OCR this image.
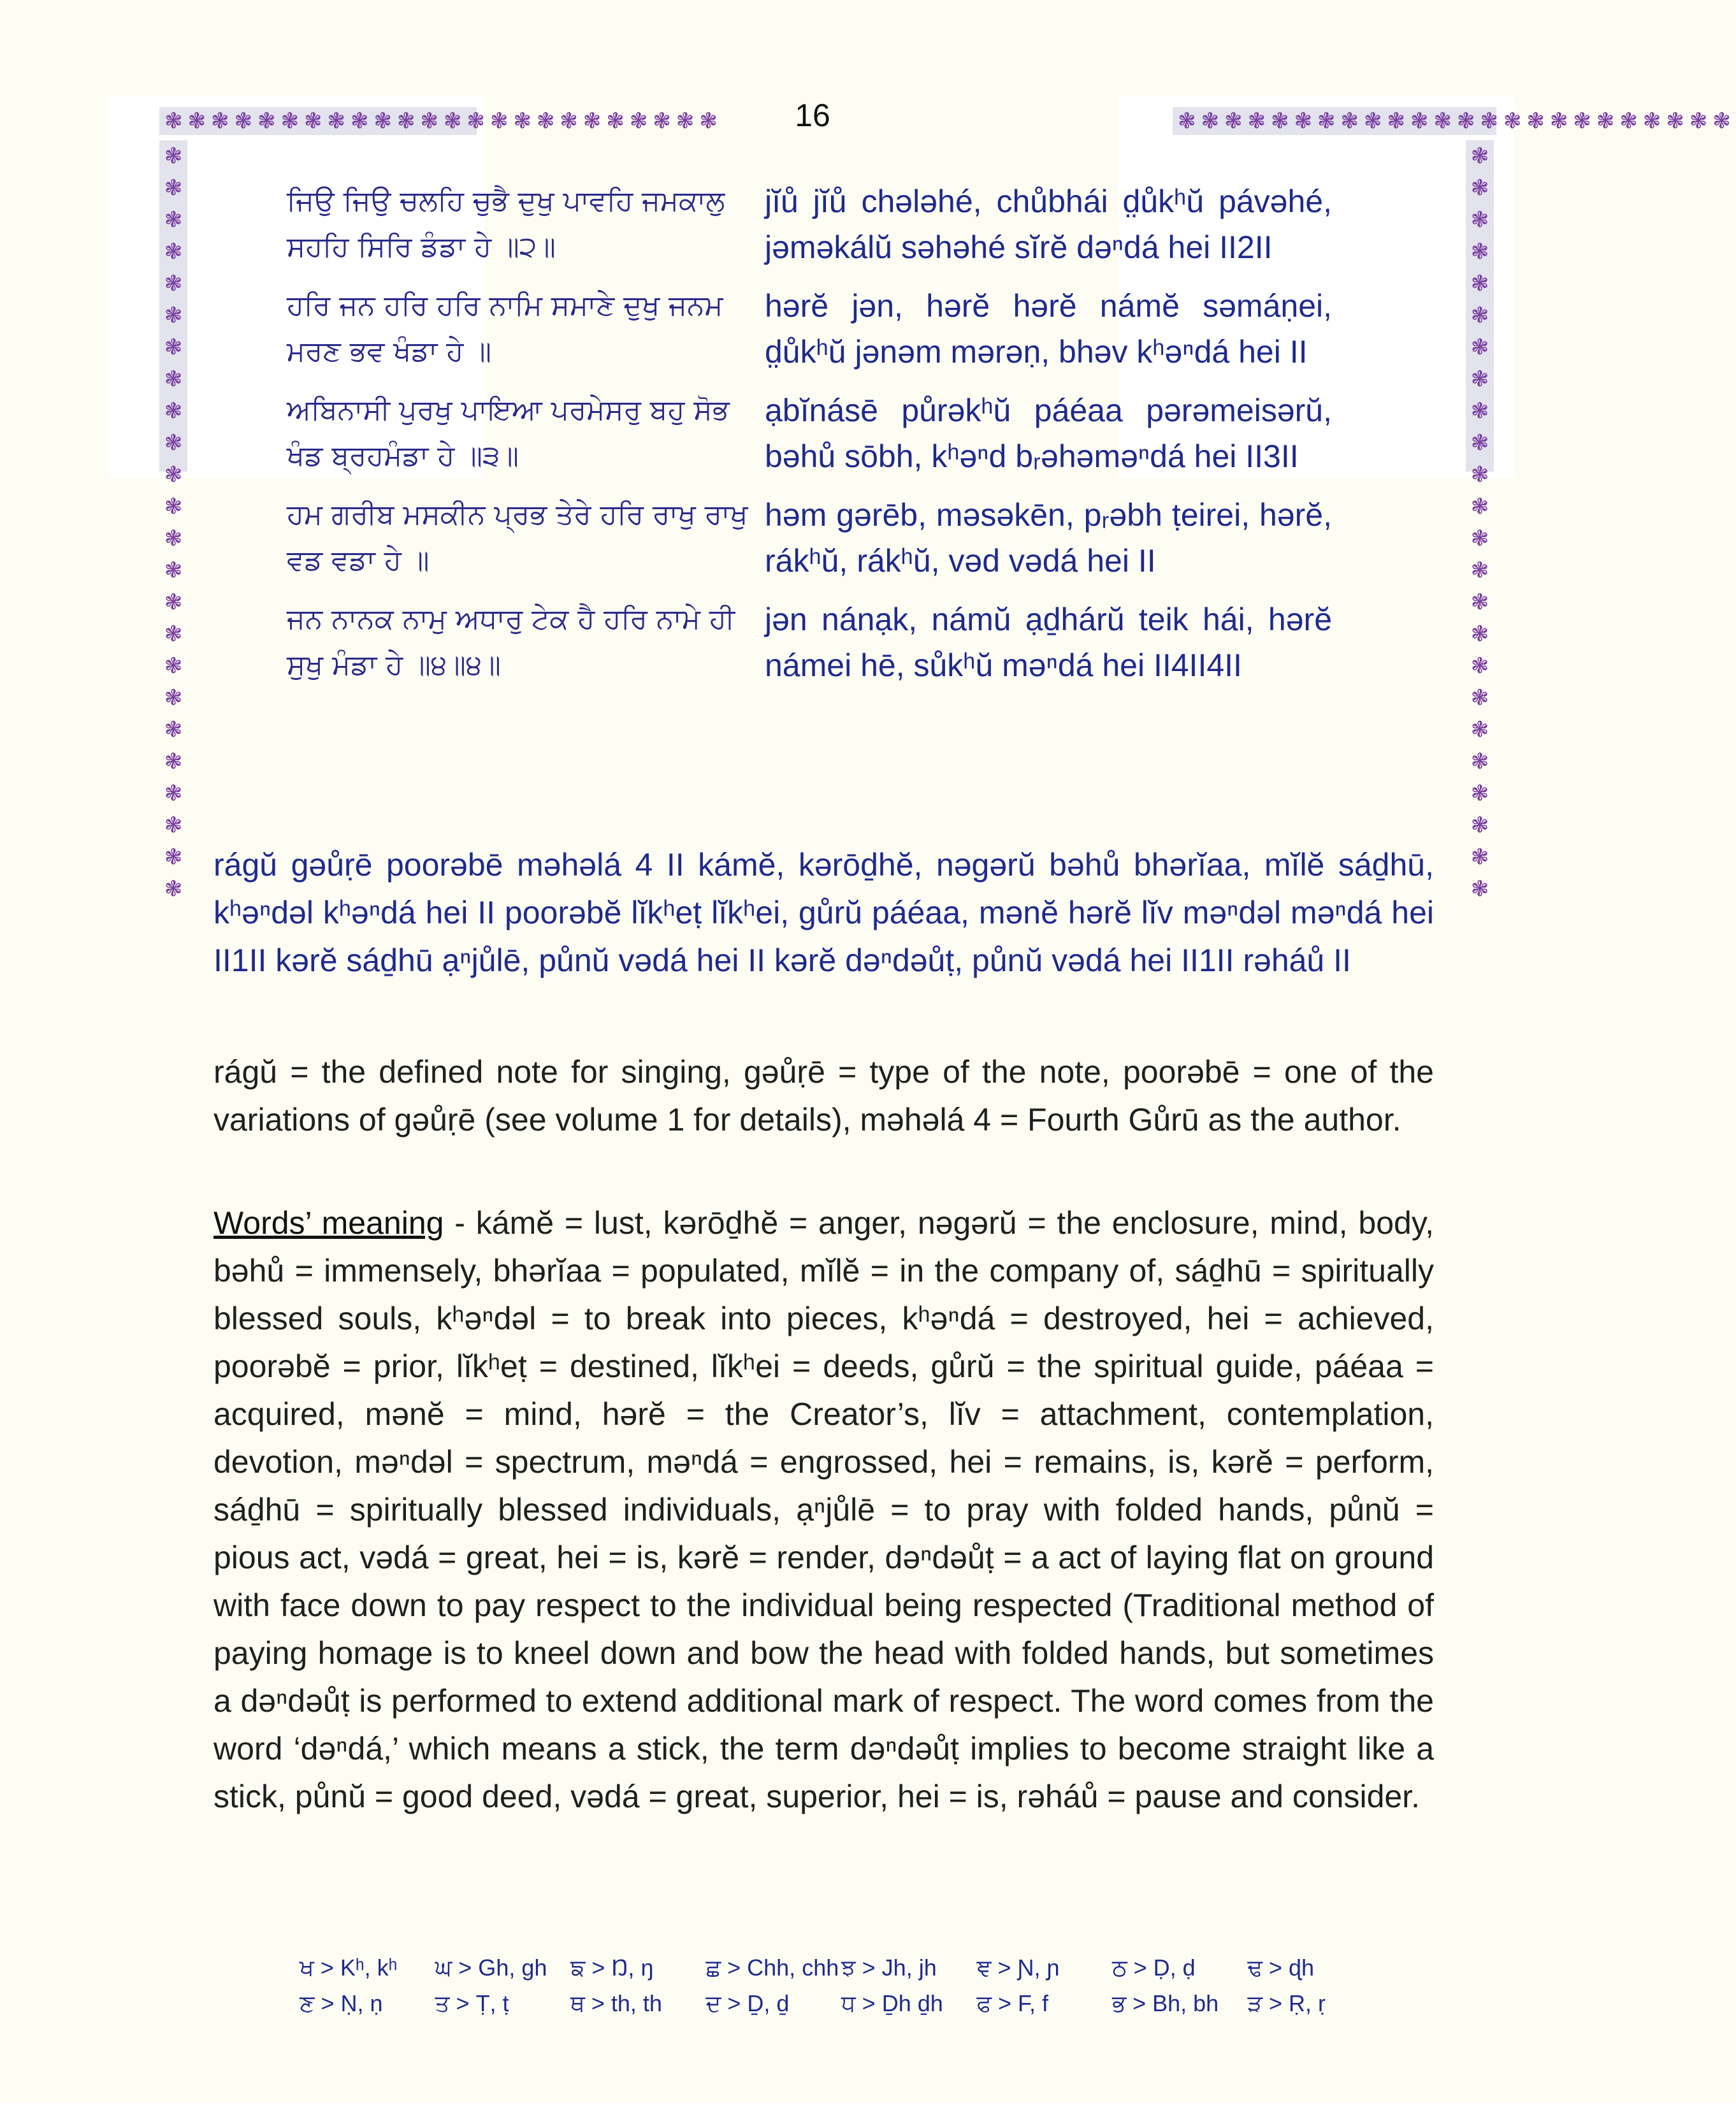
❃❃❃❃❃❃❃❃❃❃❃❃❃❃❃❃❃❃❃❃❃❃❃❃	❃❃❃❃❃❃❃❃❃❃❃❃❃❃❃❃❃❃❃❃❃❃❃❃
❃❃❃❃❃❃❃❃❃❃❃❃❃❃❃❃❃❃❃❃❃❃❃❃
❃❃❃❃❃❃❃❃❃❃❃❃❃❃❃❃❃❃❃❃❃❃❃❃
16
ਜਿਉ ਜਿਉ ਚਲਹਿ ਚੁਭੈ ਦੁਖੁ ਪਾਵਹਿ ਜਮਕਾਲੁ ਸਹਹਿ ਸਿਰਿ ਡੰਡਾ ਹੇ ॥੨॥
jĭů jĭů chələhé, chůbhái d̤ůkʰŭ pávəhé, jəməkálŭ səhəhé sĭrĕ dəⁿdá hei II2II
ਹਰਿ ਜਨ ਹਰਿ ਹਰਿ ਨਾਮਿ ਸਮਾਣੇ ਦੁਖੁ ਜਨਮ ਮਰਣ ਭਵ ਖੰਡਾ ਹੇ ॥
hərĕ jən, hərĕ hərĕ námĕ səmáṇei, d̤ůkʰŭ jənəm mərəṇ, bhəv kʰəⁿdá hei II
ਅਬਿਨਾਸੀ ਪੁਰਖੁ ਪਾਇਆ ਪਰਮੇਸਰੁ ਬਹੁ ਸੋਭ ਖੰਡ ਬ੍ਰਹਮੰਡਾ ਹੇ ॥੩॥
ạbĭnásē půrəkʰŭ páéaa pərəmeisərŭ, bəhů sōbh, kʰəⁿd bᵣəhəməⁿdá hei II3II
ਹਮ ਗਰੀਬ ਮਸਕੀਨ ਪ੍ਰਭ ਤੇਰੇ ਹਰਿ ਰਾਖੁ ਰਾਖੁ ਵਡ ਵਡਾ ਹੇ ॥
həm gərēb, məsəkēn, pᵣəbh ṭeirei, hərĕ, rákʰŭ, rákʰŭ, vəd vədá hei II
ਜਨ ਨਾਨਕ ਨਾਮੁ ਅਧਾਰੁ ਟੇਕ ਹੈ ਹਰਿ ਨਾਮੇ ਹੀ ਸੁਖੁ ਮੰਡਾ ਹੇ ॥੪॥੪॥
jən nánạk, námŭ ạḏhárŭ teik hái, hərĕ námei hē, sůkʰŭ məⁿdá hei II4II4II
rágŭ gəůṛē poorəbē məhəlá 4 II kámĕ, kərōḏhĕ, nəgərŭ bəhů bhərĭaa, mĭlĕ sáḏhū, kʰəⁿdəl kʰəⁿdá hei II poorəbĕ lĭkʰeṭ lĭkʰei, gůrŭ páéaa, mənĕ hərĕ lĭv məⁿdəl məⁿdá hei II1II kərĕ sáḏhū ạⁿjůlē, půnŭ vədá hei II kərĕ dəⁿdəůṭ, půnŭ vədá hei II1II rəháů II
rágŭ = the defined note for singing, gəůṛē = type of the note, poorəbē = one of the variations of gəůṛē (see volume 1 for details), məhəlá 4 = Fourth Gůrū as the author.
Words’ meaning - kámĕ = lust, kərōḏhĕ = anger, nəgərŭ = the enclosure, mind, body, bəhů = immensely, bhərĭaa = populated, mĭlĕ = in the company of, sáḏhū = spiritually blessed souls, kʰəⁿdəl = to break into pieces, kʰəⁿdá = destroyed, hei = achieved, poorəbĕ = prior, lĭkʰeṭ = destined, lĭkʰei = deeds, gůrŭ = the spiritual guide, páéaa = acquired, mənĕ = mind, hərĕ = the Creator’s, lĭv = attachment, contemplation, devotion, məⁿdəl = spectrum, məⁿdá = engrossed, hei = remains, is, kərĕ = perform, sáḏhū = spiritually blessed individuals, ạⁿjůlē = to pray with folded hands, půnŭ = pious act, vədá = great, hei = is, kərĕ = render, dəⁿdəůṭ = a act of laying flat on ground with face down to pay respect to the individual being respected (Traditional method of paying homage is to kneel down and bow the head with folded hands, but sometimes a dəⁿdəůṭ is performed to extend additional mark of respect. The word comes from the word ‘dəⁿdá,’ which means a stick, the term dəⁿdəůṭ implies to become straight like a stick, půnŭ = good deed, vədá = great, superior, hei = is, rəháů = pause and consider.
ਖ > Kʰ, kʰ	ਘ > Gh, gh	ਙ > Ŋ, ŋ	ਛ > Chh, chh ਝ > Jh, jh	ਞ > Ɲ, ɲ	ਠ > Ḍ, ḍ	ਢ > ɖh
ਣ > Ṇ, ṇ	ਤ > Ṭ, ṭ	ਥ > th, th	ਦ > Ḏ, ḏ	ਧ > Ḏh ḏh	ਫ > F, f	ਭ > Bh, bh	ੜ > Ṛ, ṛ
